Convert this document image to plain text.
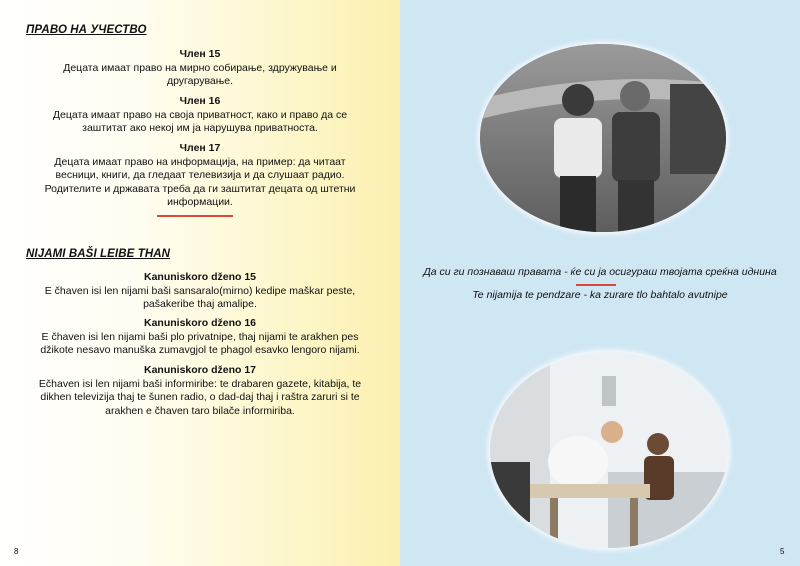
ПРАВО НА УЧЕСТВО
Член 15
Децата имаат право на мирно собирање, здружување и другарување.
Член 16
Децата имаат право на своја приватност, како и право да се заштитат ако некој им ја нарушува приватноста.
Член 17
Децата имаат право на информација, на пример: да читаат весници, книги, да гледаат телевизија и да слушаат радио. Родителите и државата треба да ги заштитат децата од штетни информации.
NIJAMI BAŠI LEIBE THAN
Kanuniskoro dženo 15
E čhaven isi len nijami baši sansaralo(mirno) kedipe maškar peste, pašakeribe thaj amalipe.
Kanuniskoro dženo 16
E čhaven isi len nijami baši plo privatnipe, thaj nijami te arakhen pes džikote nesavo manuška zumavgjol te phagol esavko lengoro nijami.
Kanuniskoro dženo 17
Ečhaven isi len nijami baši informiribe: te drabaren gazete, kitabija, te dikhen televizija thaj te šunen radio, o dad-daj thaj i raštra zaruri si te arakhen e čhaven taro bilače informiriba.
8
Да си ги познаваш правата - ќе си ја осигураш твојата среќна иднина
Te nijamija te pendzare - ka zurare tlo bahtalo avutnipe
5
